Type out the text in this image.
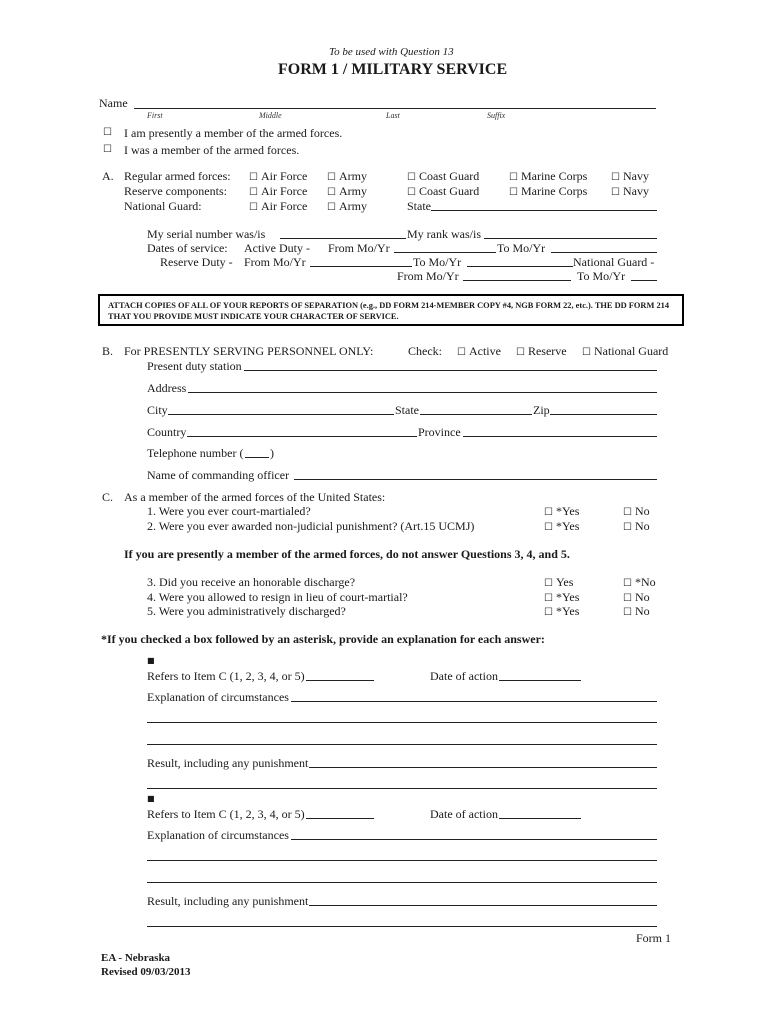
To be used with Question 13
FORM 1 / MILITARY SERVICE
Name
First	Middle	Last	Suffix
☐ I am presently a member of the armed forces.
☐ I was a member of the armed forces.
A. Regular armed forces: ☐ Air Force ☐ Army	☐ Coast Guard	☐ Marine Corps ☐ Navy
Reserve components: ☐ Air Force ☐ Army	☐ Coast Guard	☐ Marine Corps ☐ Navy
National Guard:	☐ Air Force ☐ Army	State
My serial number was/is	My rank was/is
Dates of service: Active Duty - From Mo/Yr	To Mo/Yr
Reserve Duty - From Mo/Yr	To Mo/Yr	National Guard -
From Mo/Yr	To Mo/Yr
ATTACH COPIES OF ALL OF YOUR REPORTS OF SEPARATION (e.g., DD FORM 214-MEMBER COPY #4, NGB FORM 22, etc.). THE DD FORM 214 THAT YOU PROVIDE MUST INDICATE YOUR CHARACTER OF SERVICE.
B. For PRESENTLY SERVING PERSONNEL ONLY:	Check: ☐ Active ☐ Reserve ☐ National Guard
Present duty station
Address
City	State	Zip
Country	Province
Telephone number ( )
Name of commanding officer
C. As a member of the armed forces of the United States:
1. Were you ever court-martialed?	☐ *Yes	☐ No
2. Were you ever awarded non-judicial punishment? (Art.15 UCMJ)	☐ *Yes	☐ No
If you are presently a member of the armed forces, do not answer Questions 3, 4, and 5.
3. Did you receive an honorable discharge?	☐ Yes	☐ *No
4. Were you allowed to resign in lieu of court-martial?	☐ *Yes	☐ No
5. Were you administratively discharged?	☐ *Yes	☐ No
*If you checked a box followed by an asterisk, provide an explanation for each answer:
■
Refers to Item C (1, 2, 3, 4, or 5)	Date of action
Explanation of circumstances
Result, including any punishment
■
Refers to Item C (1, 2, 3, 4, or 5)	Date of action
Explanation of circumstances
Result, including any punishment
Form 1
EA - Nebraska
Revised 09/03/2013
